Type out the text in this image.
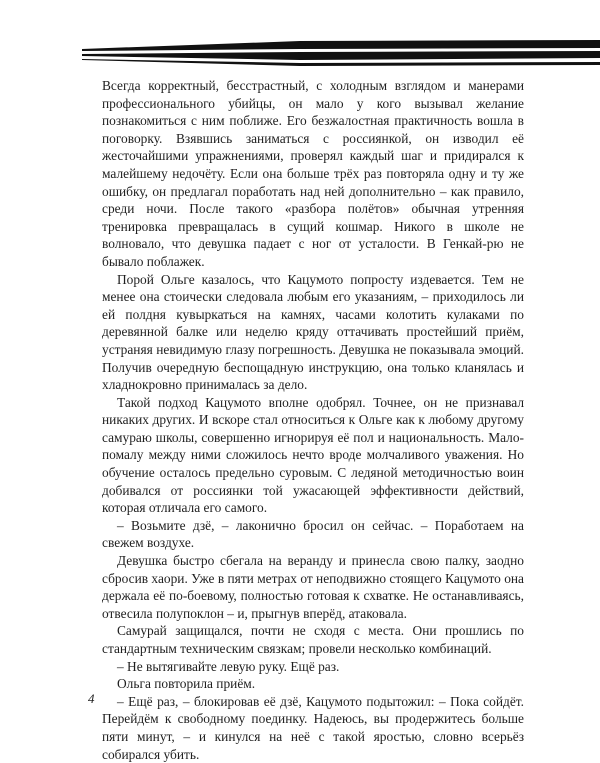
Всегда корректный, бесстрастный, с холодным взглядом и манерами профессионального убийцы, он мало у кого вызывал желание познакомиться с ним поближе. Его безжалостная практичность вошла в поговорку. Взявшись заниматься с россиянкой, он изводил её жесточайшими упражнениями, проверял каждый шаг и придирался к малейшему недочёту. Если она больше трёх раз повторяла одну и ту же ошибку, он предлагал поработать над ней дополнительно – как правило, среди ночи. После такого «разбора полётов» обычная утренняя тренировка превращалась в сущий кошмар. Никого в школе не волновало, что девушка падает с ног от усталости. В Генкай-рю не бывало поблажек.

Порой Ольге казалось, что Кацумото попросту издевается. Тем не менее она стоически следовала любым его указаниям, – приходилось ли ей полдня кувыркаться на камнях, часами колотить кулаками по деревянной балке или неделю кряду оттачивать простейший приём, устраняя невидимую глазу погрешность. Девушка не показывала эмоций. Получив очередную беспощадную инструкцию, она только кланялась и хладнокровно принималась за дело.

Такой подход Кацумото вполне одобрял. Точнее, он не признавал никаких других. И вскоре стал относиться к Ольге как к любому другому самураю школы, совершенно игнорируя её пол и национальность. Мало-помалу между ними сложилось нечто вроде молчаливого уважения. Но обучение осталось предельно суровым. С ледяной методичностью воин добивался от россиянки той ужасающей эффективности действий, которая отличала его самого.

– Возьмите дзё, – лаконично бросил он сейчас. – Поработаем на свежем воздухе.

Девушка быстро сбегала на веранду и принесла свою палку, заодно сбросив хаори. Уже в пяти метрах от неподвижно стоящего Кацумото она держала её по-боевому, полностью готовая к схватке. Не останавливаясь, отвесила полупоклон – и, прыгнув вперёд, атаковала.

Самурай защищался, почти не сходя с места. Они прошлись по стандартным техническим связкам; провели несколько комбинаций.

– Не вытягивайте левую руку. Ещё раз.

Ольга повторила приём.

– Ещё раз, – блокировав её дзё, Кацумото подытожил: – Пока сойдёт. Перейдём к свободному поединку. Надеюсь, вы продержитесь больше пяти минут, – и кинулся на неё с такой яростью, словно всерьёз собирался убить.

4
